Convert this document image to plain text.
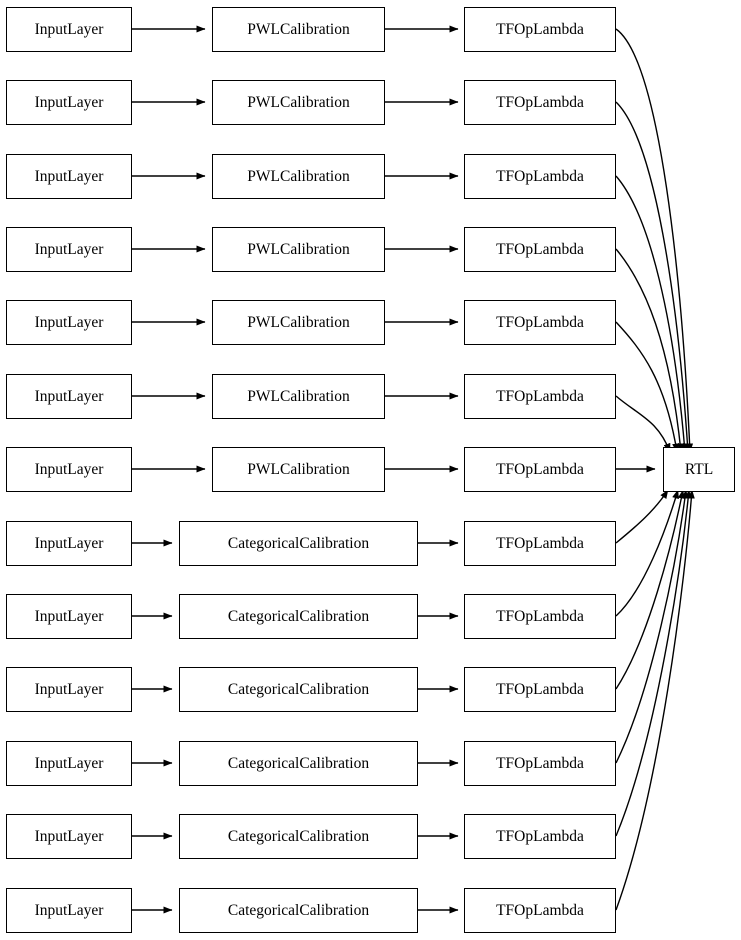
InputLayer	PWLCalibration	TFOpLambda
InputLayer	PWLCalibration	TFOpLambda
InputLayer	PWLCalibration	TFOpLambda
InputLayer	PWLCalibration	TFOpLambda
InputLayer	PWLCalibration	TFOpLambda
InputLayer	PWLCalibration	TFOpLambda
InputLayer	PWLCalibration	TFOpLambda
InputLayer	CategoricalCalibration	TFOpLambda
InputLayer	CategoricalCalibration	TFOpLambda
InputLayer	CategoricalCalibration	TFOpLambda
InputLayer	CategoricalCalibration	TFOpLambda
InputLayer	CategoricalCalibration	TFOpLambda
InputLayer	CategoricalCalibration	TFOpLambda
RTL
